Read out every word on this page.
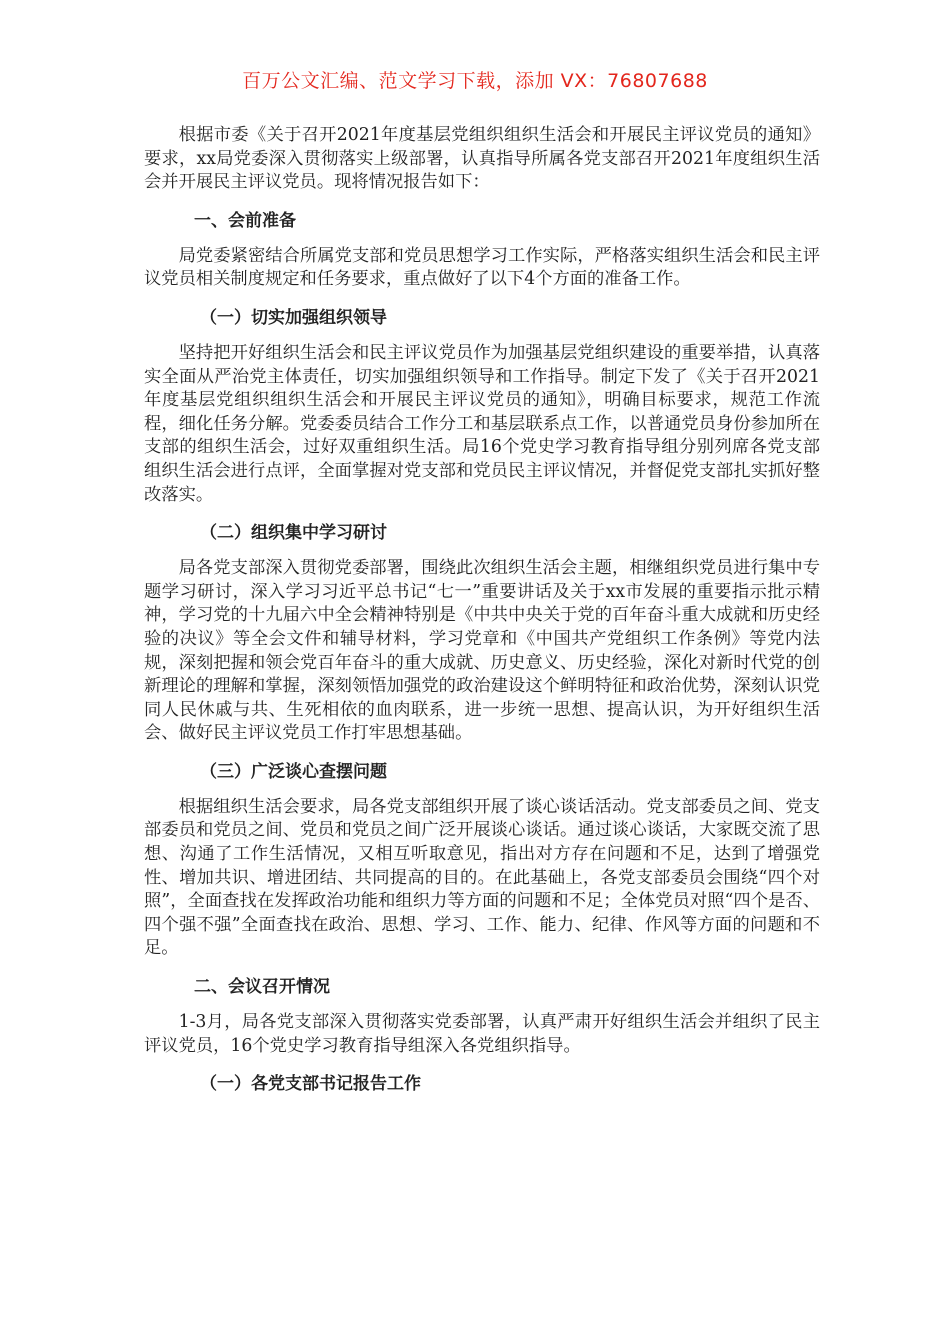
百万公文汇编、范文学习下载，添加 VX：76807688

根据市委《关于召开2021年度基层党组织组织生活会和开展民主评议党员的通知》要求，xx局党委深入贯彻落实上级部署，认真指导所属各党支部召开2021年度组织生活会并开展民主评议党员。现将情况报告如下：

一、会前准备

局党委紧密结合所属党支部和党员思想学习工作实际，严格落实组织生活会和民主评议党员相关制度规定和任务要求，重点做好了以下4个方面的准备工作。

（一）切实加强组织领导

坚持把开好组织生活会和民主评议党员作为加强基层党组织建设的重要举措，认真落实全面从严治党主体责任，切实加强组织领导和工作指导。制定下发了《关于召开2021年度基层党组织组织生活会和开展民主评议党员的通知》，明确目标要求，规范工作流程，细化任务分解。党委委员结合工作分工和基层联系点工作，以普通党员身份参加所在支部的组织生活会，过好双重组织生活。局16个党史学习教育指导组分别列席各党支部组织生活会进行点评，全面掌握对党支部和党员民主评议情况，并督促党支部扎实抓好整改落实。

（二）组织集中学习研讨

局各党支部深入贯彻党委部署，围绕此次组织生活会主题，相继组织党员进行集中专题学习研讨，深入学习习近平总书记“七一”重要讲话及关于xx市发展的重要指示批示精神，学习党的十九届六中全会精神特别是《中共中央关于党的百年奋斗重大成就和历史经验的决议》等全会文件和辅导材料，学习党章和《中国共产党组织工作条例》等党内法规，深刻把握和领会党百年奋斗的重大成就、历史意义、历史经验，深化对新时代党的创新理论的理解和掌握，深刻领悟加强党的政治建设这个鲜明特征和政治优势，深刻认识党同人民休戚与共、生死相依的血肉联系，进一步统一思想、提高认识，为开好组织生活会、做好民主评议党员工作打牢思想基础。

（三）广泛谈心查摆问题

根据组织生活会要求，局各党支部组织开展了谈心谈话活动。党支部委员之间、党支部委员和党员之间、党员和党员之间广泛开展谈心谈话。通过谈心谈话，大家既交流了思想、沟通了工作生活情况，又相互听取意见，指出对方存在问题和不足，达到了增强党性、增加共识、增进团结、共同提高的目的。在此基础上，各党支部委员会围绕“四个对照”，全面查找在发挥政治功能和组织力等方面的问题和不足；全体党员对照“四个是否、四个强不强”全面查找在政治、思想、学习、工作、能力、纪律、作风等方面的问题和不足。

二、会议召开情况

1-3月，局各党支部深入贯彻落实党委部署，认真严肃开好组织生活会并组织了民主评议党员，16个党史学习教育指导组深入各党组织指导。

（一）各党支部书记报告工作
